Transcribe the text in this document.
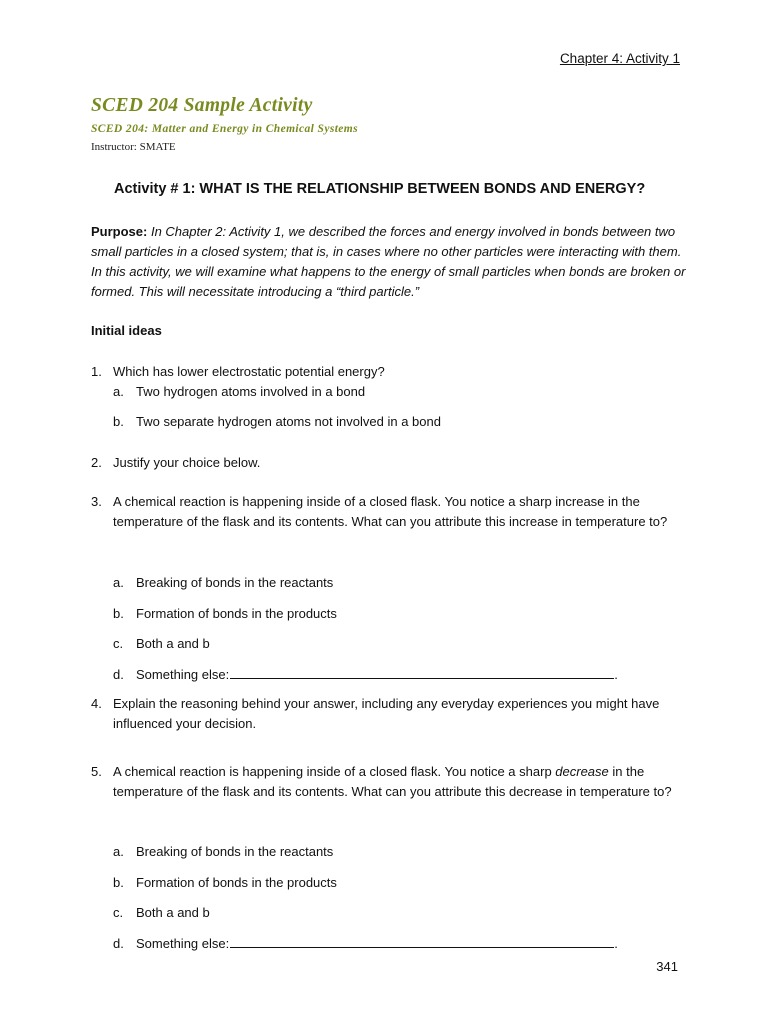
Chapter 4: Activity 1
SCED 204 Sample Activity
SCED 204: Matter and Energy in Chemical Systems
Instructor: SMATE
Activity # 1: WHAT IS THE RELATIONSHIP BETWEEN BONDS AND ENERGY?
Purpose: In Chapter 2: Activity 1, we described the forces and energy involved in bonds between two small particles in a closed system; that is, in cases where no other particles were interacting with them. In this activity, we will examine what happens to the energy of small particles when bonds are broken or formed. This will necessitate introducing a “third particle.”
Initial ideas
1. Which has lower electrostatic potential energy?
a. Two hydrogen atoms involved in a bond
b. Two separate hydrogen atoms not involved in a bond
2. Justify your choice below.
3. A chemical reaction is happening inside of a closed flask. You notice a sharp increase in the temperature of the flask and its contents. What can you attribute this increase in temperature to?
a. Breaking of bonds in the reactants
b. Formation of bonds in the products
c. Both a and b
d. Something else:	.
4. Explain the reasoning behind your answer, including any everyday experiences you might have influenced your decision.
5. A chemical reaction is happening inside of a closed flask. You notice a sharp decrease in the temperature of the flask and its contents. What can you attribute this decrease in temperature to?
a. Breaking of bonds in the reactants
b. Formation of bonds in the products
c. Both a and b
d. Something else:	.
341
